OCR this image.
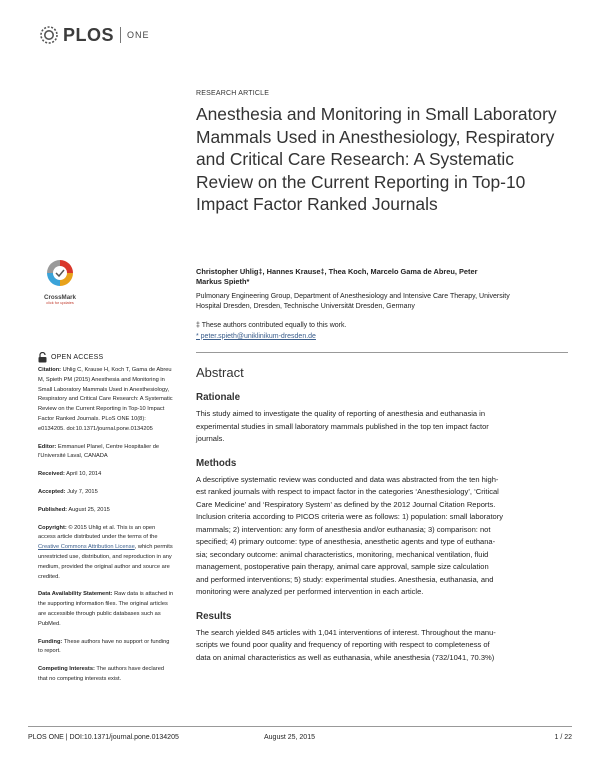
PLOS ONE
RESEARCH ARTICLE
Anesthesia and Monitoring in Small Laboratory Mammals Used in Anesthesiology, Respiratory and Critical Care Research: A Systematic Review on the Current Reporting in Top-10 Impact Factor Ranked Journals
Christopher Uhlig‡, Hannes Krause‡, Thea Koch, Marcelo Gama de Abreu, Peter
Markus Spieth*
Pulmonary Engineering Group, Department of Anesthesiology and Intensive Care Therapy, University
Hospital Dresden, Dresden, Technische Universität Dresden, Germany
‡ These authors contributed equally to this work.
* peter.spieth@uniklinikum-dresden.de
Abstract
Rationale
This study aimed to investigate the quality of reporting of anesthesia and euthanasia in
experimental studies in small laboratory mammals published in the top ten impact factor
journals.
Methods
A descriptive systematic review was conducted and data was abstracted from the ten high-
est ranked journals with respect to impact factor in the categories ‘Anesthesiology’, ‘Critical
Care Medicine’ and ‘Respiratory System’ as defined by the 2012 Journal Citation Reports.
Inclusion criteria according to PICOS criteria were as follows: 1) population: small laboratory
mammals; 2) intervention: any form of anesthesia and/or euthanasia; 3) comparison: not
specified; 4) primary outcome: type of anesthesia, anesthetic agents and type of euthana-
sia; secondary outcome: animal characteristics, monitoring, mechanical ventilation, fluid
management, postoperative pain therapy, animal care approval, sample size calculation
and performed interventions; 5) study: experimental studies. Anesthesia, euthanasia, and
monitoring were analyzed per performed intervention in each article.
Results
The search yielded 845 articles with 1,041 interventions of interest. Throughout the manu-
scripts we found poor quality and frequency of reporting with respect to completeness of
data on animal characteristics as well as euthanasia, while anesthesia (732/1041, 70.3%)
CrossMark
click for updates
OPEN ACCESS
Citation: Uhlig C, Krause H, Koch T, Gama de Abreu
M, Spieth PM (2015) Anesthesia and Monitoring in
Small Laboratory Mammals Used in Anesthesiology,
Respiratory and Critical Care Research: A Systematic
Review on the Current Reporting in Top-10 Impact
Factor Ranked Journals. PLoS ONE 10(8):
e0134205. doi:10.1371/journal.pone.0134205
Editor: Emmanuel Planel, Centre Hospitalier de
l'Université Laval, CANADA
Received: April 10, 2014
Accepted: July 7, 2015
Published: August 25, 2015
Copyright: © 2015 Uhlig et al. This is an open
access article distributed under the terms of the
Creative Commons Attribution License, which permits
unrestricted use, distribution, and reproduction in any
medium, provided the original author and source are
credited.
Data Availability Statement: Raw data is attached in
the supporting information files. The original articles
are accessible through public databases such as
PubMed.
Funding: These authors have no support or funding
to report.
Competing Interests: The authors have declared
that no competing interests exist.
PLOS ONE | DOI:10.1371/journal.pone.0134205	August 25, 2015	1 / 22
